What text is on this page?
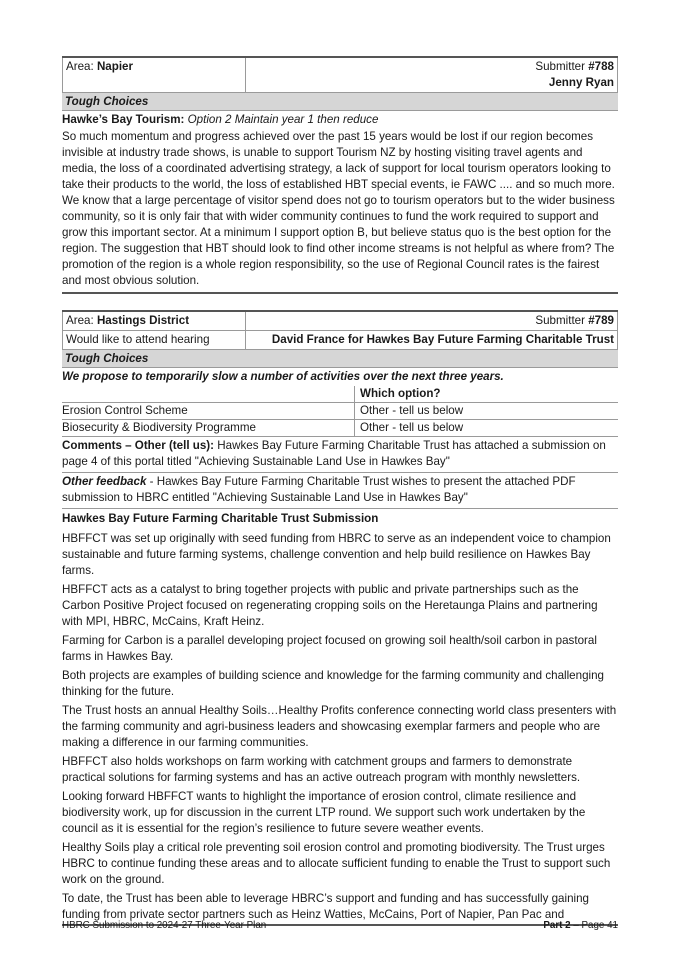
Area: Napier	Submitter #788
Jenny Ryan
Tough Choices
Hawke’s Bay Tourism: Option 2 Maintain year 1 then reduce

So much momentum and progress achieved over the past 15 years would be lost if our region becomes invisible at industry trade shows, is unable to support Tourism NZ by hosting visiting travel agents and media, the loss of a coordinated advertising strategy, a lack of support for local tourism operators looking to take their products to the world, the loss of established HBT special events, ie FAWC .... and so much more. We know that a large percentage of visitor spend does not go to tourism operators but to the wider business community, so it is only fair that with wider community continues to fund the work required to support and grow this important sector. At a minimum I support option B, but believe status quo is the best option for the region. The suggestion that HBT should look to find other income streams is not helpful as where from? The promotion of the region is a whole region responsibility, so the use of Regional Council rates is the fairest and most obvious solution.

Area: Hastings District	Submitter #789
Would like to attend hearing	David France for Hawkes Bay Future Farming Charitable Trust
Tough Choices
We propose to temporarily slow a number of activities over the next three years.
	Which option?
Erosion Control Scheme	Other - tell us below
Biosecurity & Biodiversity Programme	Other - tell us below

Comments – Other (tell us): Hawkes Bay Future Farming Charitable Trust has attached a submission on page 4 of this portal titled "Achieving Sustainable Land Use in Hawkes Bay"

Other feedback - Hawkes Bay Future Farming Charitable Trust wishes to present the attached PDF submission to HBRC entitled "Achieving Sustainable Land Use in Hawkes Bay"

Hawkes Bay Future Farming Charitable Trust Submission

HBFFCT was set up originally with seed funding from HBRC to serve as an independent voice to champion sustainable and future farming systems, challenge convention and help build resilience on Hawkes Bay farms.

HBFFCT acts as a catalyst to bring together projects with public and private partnerships such as the Carbon Positive Project focused on regenerating cropping soils on the Heretaunga Plains and partnering with MPI, HBRC, McCains, Kraft Heinz.

Farming for Carbon is a parallel developing project focused on growing soil health/soil carbon in pastoral farms in Hawkes Bay.

Both projects are examples of building science and knowledge for the farming community and challenging thinking for the future.

The Trust hosts an annual Healthy Soils…Healthy Profits conference connecting world class presenters with the farming community and agri-business leaders and showcasing exemplar farmers and people who are making a difference in our farming communities.

HBFFCT also holds workshops on farm working with catchment groups and farmers to demonstrate practical solutions for farming systems and has an active outreach program with monthly newsletters.

Looking forward HBFFCT wants to highlight the importance of erosion control, climate resilience and biodiversity work, up for discussion in the current LTP round. We support such work undertaken by the council as it is essential for the region’s resilience to future severe weather events.

Healthy Soils play a critical role preventing soil erosion control and promoting biodiversity. The Trust urges HBRC to continue funding these areas and to allocate sufficient funding to enable the Trust to support such work on the ground.

To date, the Trust has been able to leverage HBRC’s support and funding and has successfully gaining funding from private sector partners such as Heinz Watties, McCains, Port of Napier, Pan Pac and

HBRC Submission to 2024-27 Three-Year Plan	Part 2 – Page 41
